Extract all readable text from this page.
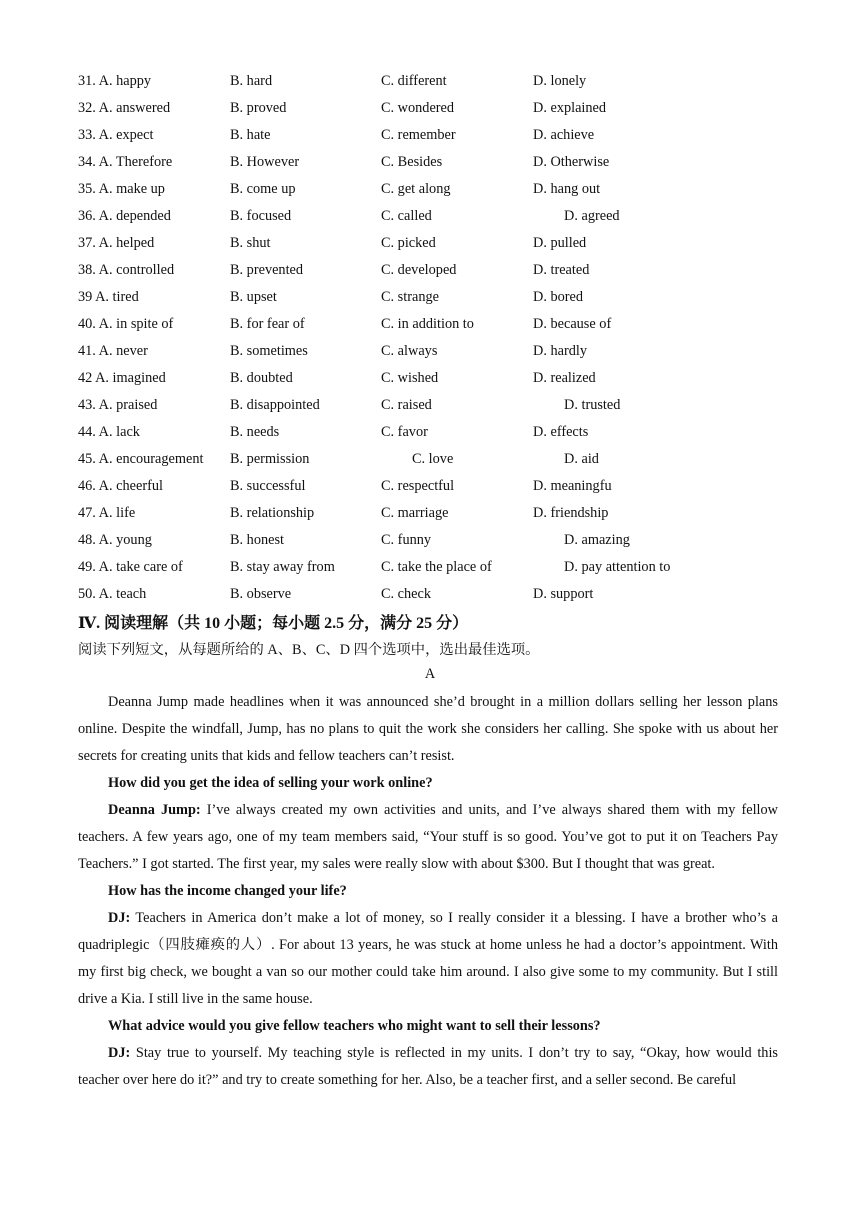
31. A. happy	B. hard	C. different	D. lonely
32. A. answered	B. proved	C. wondered	D. explained
33. A. expect	B. hate	C. remember	D. achieve
34. A. Therefore	B. However	C. Besides	D. Otherwise
35. A. make up	B. come up	C. get along	D. hang out
36. A. depended	B. focused	C. called	D. agreed
37. A. helped	B. shut	C. picked	D. pulled
38. A. controlled	B. prevented	C. developed	D. treated
39 A. tired	B. upset	C. strange	D. bored
40. A. in spite of	B. for fear of	C. in addition to	D. because of
41. A. never	B. sometimes	C. always	D. hardly
42 A. imagined	B. doubted	C. wished	D. realized
43. A. praised	B. disappointed	C. raised	D. trusted
44. A. lack	B. needs	C. favor	D. effects
45. A. encouragement B. permission	C. love	D. aid
46. A. cheerful	B. successful	C. respectful	D. meaningfu
47. A. life	B. relationship	C. marriage	D. friendship
48. A. young	B. honest	C. funny	D. amazing
49. A. take care of	B. stay away from	C. take the place of	D. pay attention to
50. A. teach	B. observe	C. check	D. support
Ⅳ. 阅读理解（共 10 小题；每小题 2.5 分，满分 25 分）
阅读下列短文，从每题所给的 A、B、C、D 四个选项中，选出最佳选项。
A

Deanna Jump made headlines when it was announced she’d brought in a million dollars selling her lesson plans online. Despite the windfall, Jump, has no plans to quit the work she considers her calling. She spoke with us about her secrets for creating units that kids and fellow teachers can’t resist.

How did you get the idea of selling your work online?

Deanna Jump: I’ve always created my own activities and units, and I’ve always shared them with my fellow teachers. A few years ago, one of my team members said, “Your stuff is so good. You’ve got to put it on Teachers Pay Teachers.” I got started. The first year, my sales were really slow with about $300. But I thought that was great.

How has the income changed your life?

DJ: Teachers in America don’t make a lot of money, so I really consider it a blessing. I have a brother who’s a quadriplegic（四肢瘫痪的人）. For about 13 years, he was stuck at home unless he had a doctor’s appointment. With my first big check, we bought a van so our mother could take him around. I also give some to my community. But I still drive a Kia. I still live in the same house.

What advice would you give fellow teachers who might want to sell their lessons?

DJ: Stay true to yourself. My teaching style is reflected in my units. I don’t try to say, “Okay, how would this teacher over here do it?” and try to create something for her. Also, be a teacher first, and a seller second. Be careful
